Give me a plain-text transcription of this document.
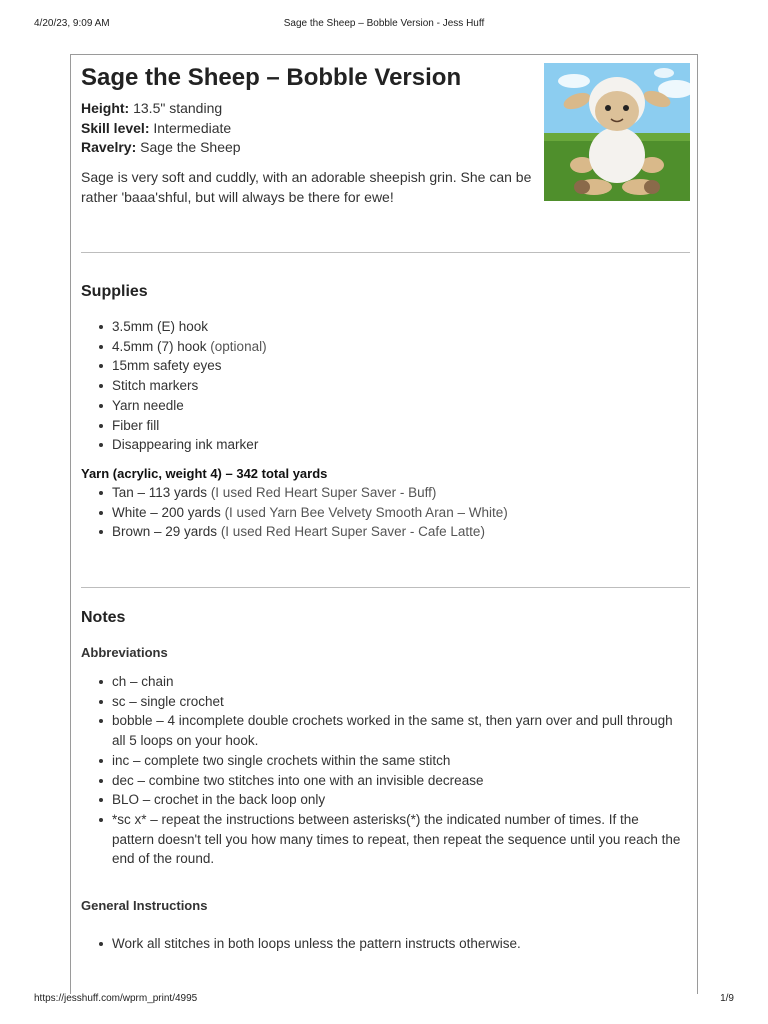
4/20/23, 9:09 AM	Sage the Sheep – Bobble Version - Jess Huff
Sage the Sheep – Bobble Version
Height: 13.5" standing
Skill level: Intermediate
Ravelry: Sage the Sheep

Sage is very soft and cuddly, with an adorable sheepish grin. She can be rather 'baaa'shful, but will always be there for ewe!

Supplies
3.5mm (E) hook
4.5mm (7) hook (optional)
15mm safety eyes
Stitch markers
Yarn needle
Fiber fill
Disappearing ink marker
Yarn (acrylic, weight 4) – 342 total yards
Tan – 113 yards (I used Red Heart Super Saver - Buff)
White – 200 yards (I used Yarn Bee Velvety Smooth Aran – White)
Brown – 29 yards (I used Red Heart Super Saver - Cafe Latte)
Notes
Abbreviations
ch – chain
sc – single crochet
bobble – 4 incomplete double crochets worked in the same st, then yarn over and pull through all 5 loops on your hook.
inc – complete two single crochets within the same stitch
dec – combine two stitches into one with an invisible decrease
BLO – crochet in the back loop only
*sc x* – repeat the instructions between asterisks(*) the indicated number of times. If the pattern doesn't tell you how many times to repeat, then repeat the sequence until you reach the end of the round.
General Instructions
Work all stitches in both loops unless the pattern instructs otherwise.
https://jesshuff.com/wprm_print/4995	1/9
